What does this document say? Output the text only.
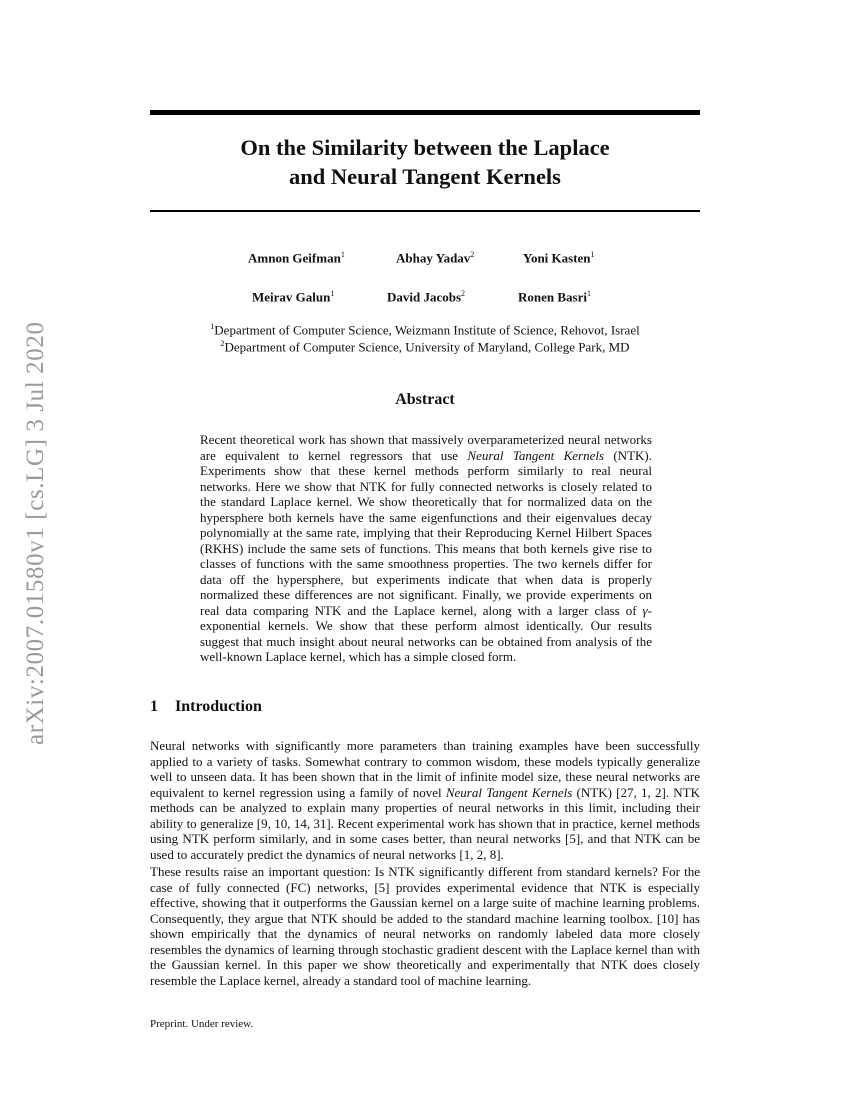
arXiv:2007.01580v1 [cs.LG] 3 Jul 2020
On the Similarity between the Laplace
and Neural Tangent Kernels
Amnon Geifman$^1$	Abhay Yadav$^2$	Yoni Kasten$^1$
Meirav Galun$^1$	David Jacobs$^2$	Ronen Basri$^1$
$^1$Department of Computer Science, Weizmann Institute of Science, Rehovot, Israel
$^2$Department of Computer Science, University of Maryland, College Park, MD
Abstract
Recent theoretical work has shown that massively overparameterized neural networks are equivalent to kernel regressors that use Neural Tangent Kernels (NTK). Experiments show that these kernel methods perform similarly to real neural networks. Here we show that NTK for fully connected networks is closely related to the standard Laplace kernel. We show theoretically that for normalized data on the hypersphere both kernels have the same eigenfunctions and their eigenvalues decay polynomially at the same rate, implying that their Reproducing Kernel Hilbert Spaces (RKHS) include the same sets of functions. This means that both kernels give rise to classes of functions with the same smoothness properties. The two kernels differ for data off the hypersphere, but experiments indicate that when data is properly normalized these differences are not significant. Finally, we provide experiments on real data comparing NTK and the Laplace kernel, along with a larger class of γ-exponential kernels. We show that these perform almost identically. Our results suggest that much insight about neural networks can be obtained from analysis of the well-known Laplace kernel, which has a simple closed form.
1 Introduction
Neural networks with significantly more parameters than training examples have been successfully applied to a variety of tasks. Somewhat contrary to common wisdom, these models typically generalize well to unseen data. It has been shown that in the limit of infinite model size, these neural networks are equivalent to kernel regression using a family of novel Neural Tangent Kernels (NTK) [27, 1, 2]. NTK methods can be analyzed to explain many properties of neural networks in this limit, including their ability to generalize [9, 10, 14, 31]. Recent experimental work has shown that in practice, kernel methods using NTK perform similarly, and in some cases better, than neural networks [5], and that NTK can be used to accurately predict the dynamics of neural networks [1, 2, 8].
These results raise an important question: Is NTK significantly different from standard kernels? For the case of fully connected (FC) networks, [5] provides experimental evidence that NTK is especially effective, showing that it outperforms the Gaussian kernel on a large suite of machine learning problems. Consequently, they argue that NTK should be added to the standard machine learning toolbox. [10] has shown empirically that the dynamics of neural networks on randomly labeled data more closely resembles the dynamics of learning through stochastic gradient descent with the Laplace kernel than with the Gaussian kernel. In this paper we show theoretically and experimentally that NTK does closely resemble the Laplace kernel, already a standard tool of machine learning.
Preprint. Under review.
